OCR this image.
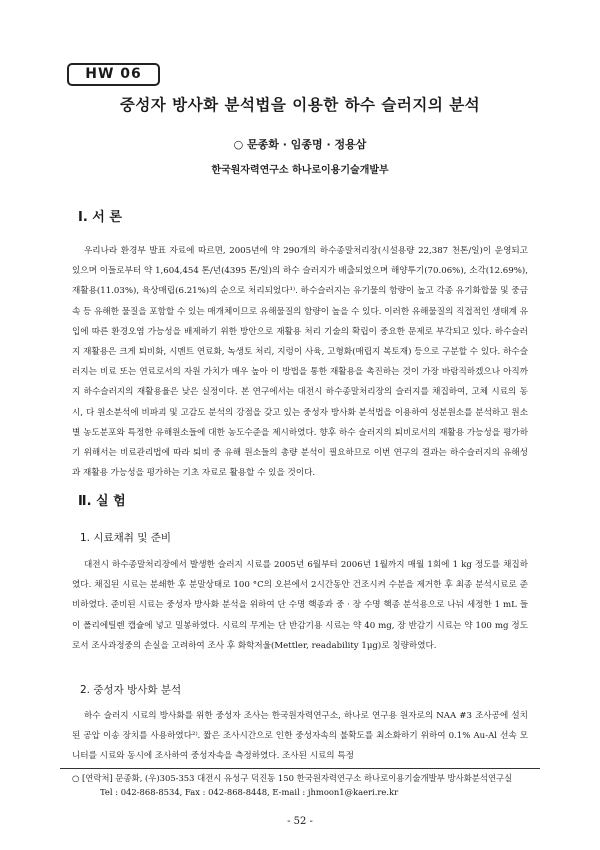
HW 06
중성자 방사화 분석법을 이용한 하수 슬러지의 분석
○ 문종화 · 임종명 · 정용삼
한국원자력연구소 하나로이용기술개발부
Ⅰ. 서 론

우리나라 환경부 발표 자료에 따르면, 2005년에 약 290개의 하수종말처리장(시설용량 22,387 천톤/일)이 운영되고 있으며 이들로부터 약 1,604,454 톤/년(4395 톤/일)의 하수 슬러지가 배출되었으며 해양투기(70.06%), 소각(12.69%), 재활용(11.03%), 육상매립(6.21%)의 순으로 처리되었다¹⁾. 하수슬러지는 유기물의 함량이 높고 각종 유기화합물 및 중금속 등 유해한 물질을 포함할 수 있는 매개체이므로 유해물질의 함량이 높을 수 있다. 이러한 유해물질의 직접적인 생태계 유입에 따른 환경오염 가능성을 배제하기 위한 방안으로 재활용 처리 기술의 확립이 중요한 문제로 부각되고 있다. 하수슬러지 재활용은 크게 퇴비화, 시멘트 연료화, 녹생토 처리, 지렁이 사육, 고형화(매립지 복토재) 등으로 구분할 수 있다. 하수슬러지는 비료 또는 연료로서의 자원 가치가 매우 높아 이 방법을 통한 재활용을 촉진하는 것이 가장 바람직하겠으나 아직까지 하수슬러지의 재활용율은 낮은 실정이다. 본 연구에서는 대전시 하수종말처리장의 슬러지를 채집하여, 고체 시료의 동시, 다 원소분석에 비파괴 및 고감도 분석의 강점을 갖고 있는 중성자 방사화 분석법을 이용하여 성분원소를 분석하고 원소별 농도분포와 특정한 유해원소들에 대한 농도수준을 제시하였다. 향후 하수 슬러지의 퇴비로서의 재활용 가능성을 평가하기 위해서는 비료관리법에 따라 퇴비 중 유해 원소들의 총량 분석이 필요하므로 이번 연구의 결과는 하수슬러지의 유해성과 재활용 가능성을 평가하는 기초 자료로 활용할 수 있을 것이다.

Ⅱ. 실 험
1. 시료채취 및 준비

대전시 하수종말처리장에서 발생한 슬러지 시료를 2005년 6월부터 2006년 1월까지 매월 1회에 1 kg 정도를 채집하였다. 채집된 시료는 분쇄한 후 분말상태로 100 °C의 오븐에서 2시간동안 건조시켜 수분을 제거한 후 최종 분석시료로 준비하였다. 준비된 시료는 중성자 방사화 분석을 위하여 단 수명 핵종과 중 · 장 수명 핵종 분석용으로 나눠 세정한 1 mL 들이 폴리에틸렌 캡슐에 넣고 밀봉하였다. 시료의 무게는 단 반감기용 시료는 약 40 mg, 장 반감기 시료는 약 100 mg 정도로서 조사과정중의 손실을 고려하여 조사 후 화학저울(Mettler, readability 1μg)로 칭량하였다.

2. 중성자 방사화 분석

하수 슬러지 시료의 방사화를 위한 중성자 조사는 한국원자력연구소, 하나로 연구용 원자로의 NAA #3 조사공에 설치된 공압 이송 장치를 사용하였다²⁾. 짧은 조사시간으로 인한 중성자속의 불확도를 최소화하기 위하여 0.1% Au-Al 선속 모니터를 시료와 동시에 조사하여 중성자속을 측정하였다. 조사된 시료의 특정

○ [연락처] 문종화, (우)305-353 대전시 유성구 덕진동 150 한국원자력연구소 하나로이용기술개발부 방사화분석연구실
Tel : 042-868-8534, Fax : 042-868-8448, E-mail : jhmoon1@kaeri.re.kr
- 52 -
